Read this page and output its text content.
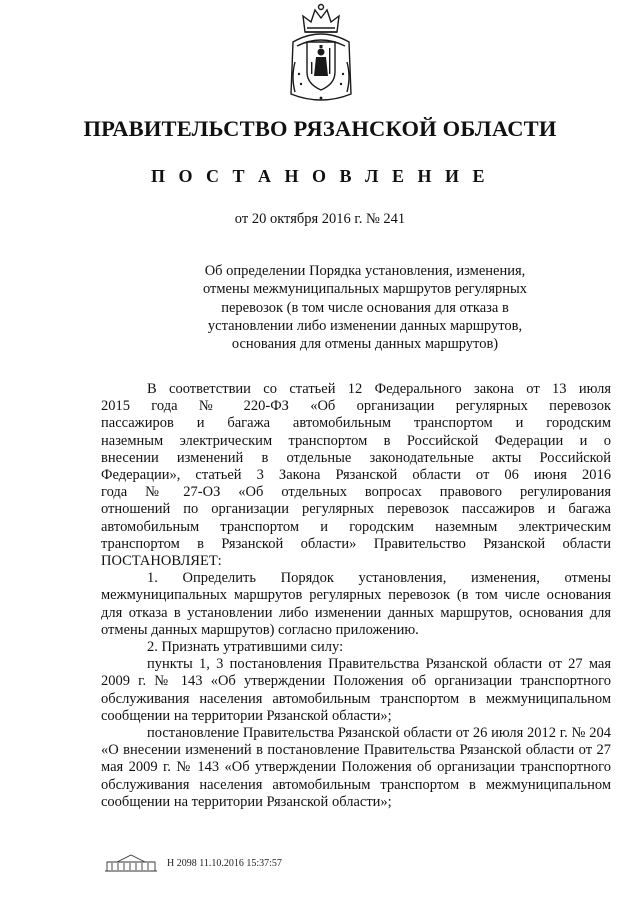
ПРАВИТЕЛЬСТВО РЯЗАНСКОЙ ОБЛАСТИ
П О С Т А Н О В Л Е Н И Е
от 20 октября 2016 г. № 241
Об определении Порядка установления, изменения, отмены межмуниципальных маршрутов регулярных перевозок (в том числе основания для отказа в установлении либо изменении данных маршрутов, основания для отмены данных маршрутов)

В соответствии со статьей 12 Федерального закона от 13 июля 2015 года № 220-ФЗ «Об организации регулярных перевозок пассажиров и багажа автомобильным транспортом и городским наземным электрическим транспортом в Российской Федерации и о внесении изменений в отдельные законодательные акты Российской Федерации», статьей 3 Закона Рязанской области от 06 июня 2016 года № 27-ОЗ «Об отдельных вопросах правового регулирования отношений по организации регулярных перевозок пассажиров и багажа автомобильным транспортом и городским наземным электрическим транспортом в Рязанской области» Правительство Рязанской области ПОСТАНОВЛЯЕТ:

1. Определить Порядок установления, изменения, отмены межмуниципальных маршрутов регулярных перевозок (в том числе основания для отказа в установлении либо изменении данных маршрутов, основания для отмены данных маршрутов) согласно приложению.

2. Признать утратившими силу:

пункты 1, 3 постановления Правительства Рязанской области от 27 мая 2009 г. № 143 «Об утверждении Положения об организации транспортного обслуживания населения автомобильным транспортом в межмуниципальном сообщении на территории Рязанской области»;

постановление Правительства Рязанской области от 26 июля 2012 г. № 204 «О внесении изменений в постановление Правительства Рязанской области от 27 мая 2009 г. № 143 «Об утверждении Положения об организации транспортного обслуживания населения автомобильным транспортом в межмуниципальном сообщении на территории Рязанской области»;

Н 2098 11.10.2016 15:37:57
